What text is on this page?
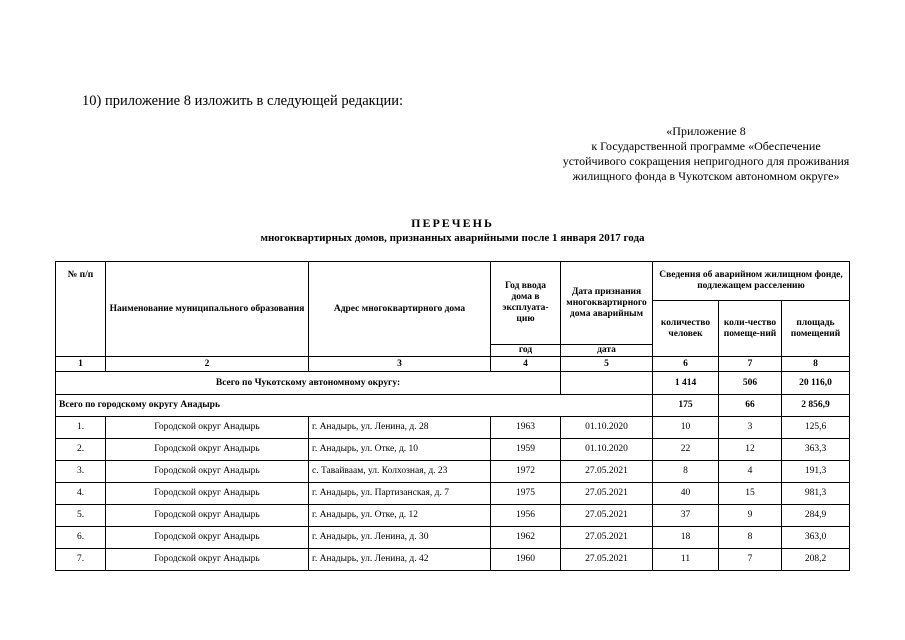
10) приложение 8 изложить в следующей редакции:
«Приложение 8
к Государственной программе «Обеспечение
устойчивого сокращения непригодного для проживания
жилищного фонда в Чукотском автономном округе»
ПЕРЕЧЕНЬ
многоквартирных домов, признанных аварийными после 1 января 2017 года
№ п/п	Наименование муниципального образования	Адрес многоквартирного дома	Год ввода дома в эксплуата-цию	Дата признания многоквартирного дома аварийным	Сведения об аварийном жилищном фонде, подлежащем расселению		
					количество человек	коли-чество помеще-ний	площадь помещений
			год	дата			
1	2	3	4	5	6	7	8
Всего по Чукотскому автономному округу:					1 414	506	20 116,0
Всего по городскому округу Анадырь					175	66	2 856,9
1.	Городской округ Анадырь	г. Анадырь, ул. Ленина, д. 28	1963	01.10.2020	10	3	125,6
2.	Городской округ Анадырь	г. Анадырь, ул. Отке, д. 10	1959	01.10.2020	22	12	363,3
3.	Городской округ Анадырь	с. Тавайваам, ул. Колхозная, д. 23	1972	27.05.2021	8	4	191,3
4.	Городской округ Анадырь	г. Анадырь, ул. Партизанская, д. 7	1975	27.05.2021	40	15	981,3
5.	Городской округ Анадырь	г. Анадырь, ул. Отке, д. 12	1956	27.05.2021	37	9	284,9
6.	Городской округ Анадырь	г. Анадырь, ул. Ленина, д. 30	1962	27.05.2021	18	8	363,0
7.	Городской округ Анадырь	г. Анадырь, ул. Ленина, д. 42	1960	27.05.2021	11	7	208,2
